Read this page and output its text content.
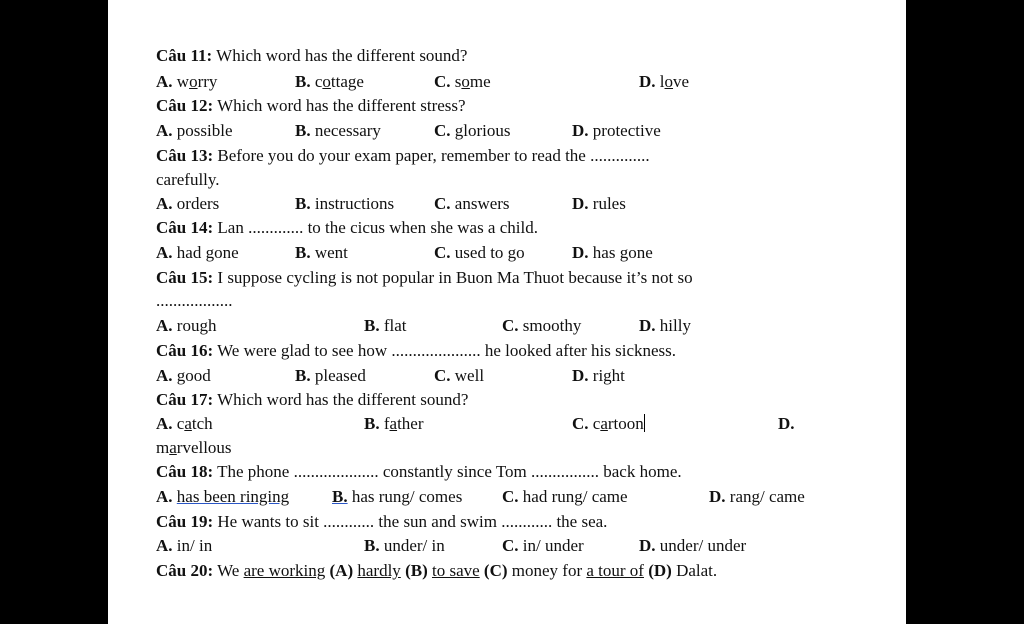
Câu 11: Which word has the different sound?
A. worry	B. cottage	C. some	D. love
Câu 12: Which word has the different stress?
A. possible	B. necessary	C. glorious	D. protective
Câu 13: Before you do your exam paper, remember to read the ..............
carefully.
A. orders	B. instructions C. answers	D. rules
Câu 14: Lan ............. to the cicus when she was a child.
A. had gone	B. went	C. used to go	D. has gone
Câu 15: I suppose cycling is not popular in Buon Ma Thuot because it’s not so
..................
A. rough	B. flat	C. smoothy	D. hilly
Câu 16: We were glad to see how ..................... he looked after his sickness.
A. good	B. pleased	C. well	D. right
Câu 17: Which word has the different sound?
A. catch	B. father	C. cartoon	D.
marvellous
Câu 18: The phone .................... constantly since Tom ................ back home.
A. has been ringing	B. has rung/ comes C. had rung/ came	D. rang/ came
Câu 19: He wants to sit ............ the sun and swim ............ the sea.
A. in/ in	B. under/ in	C. in/ under	D. under/ under
Câu 20: We are working (A) hardly (B) to save (C) money for a tour of (D) Dalat.
